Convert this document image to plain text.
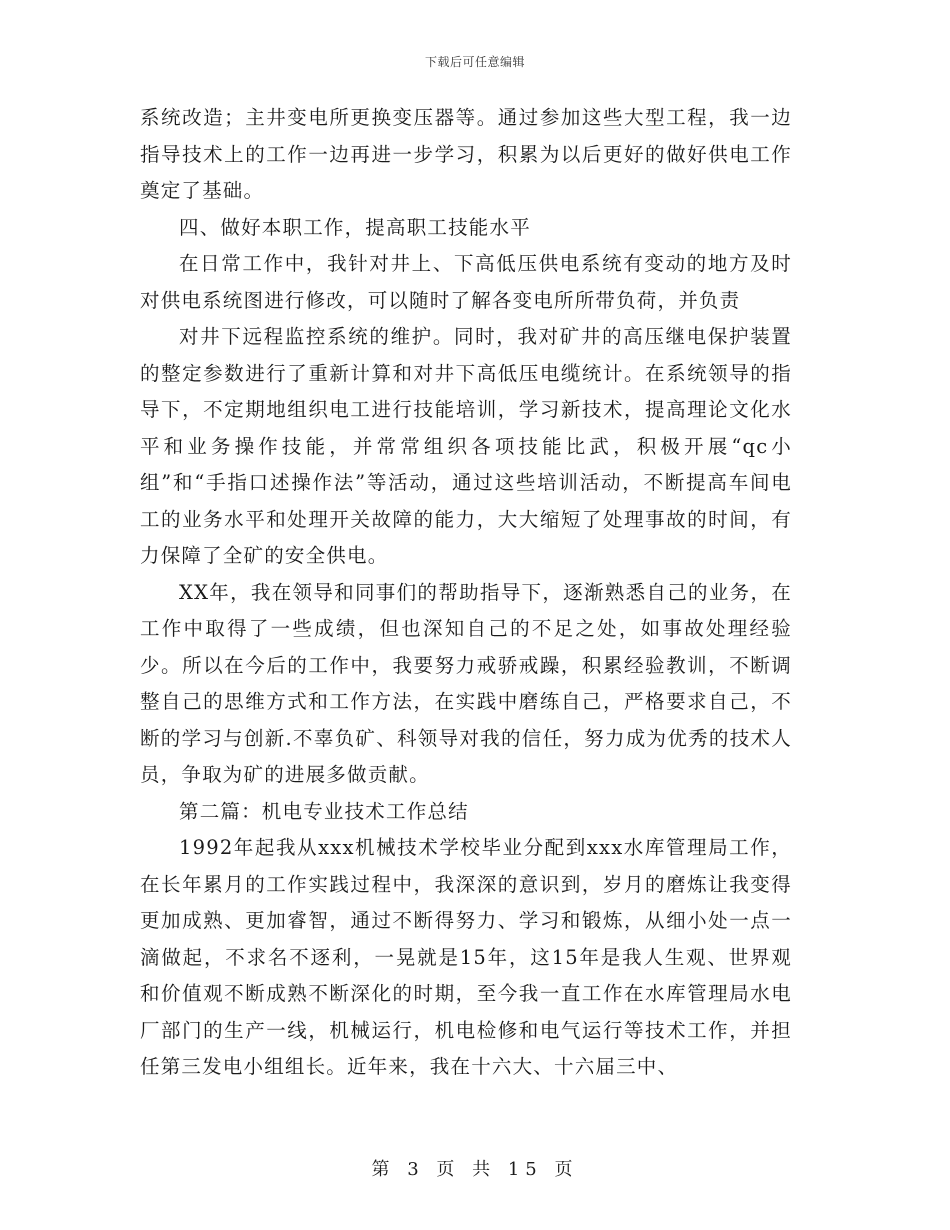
下载后可任意编辑

系统改造；主井变电所更换变压器等。通过参加这些大型工程，我一边指导技术上的工作一边再进一步学习，积累为以后更好的做好供电工作奠定了基础。

四、做好本职工作，提高职工技能水平

在日常工作中，我针对井上、下高低压供电系统有变动的地方及时对供电系统图进行修改，可以随时了解各变电所所带负荷，并负责

对井下远程监控系统的维护。同时，我对矿井的高压继电保护装置的整定参数进行了重新计算和对井下高低压电缆统计。在系统领导的指导下，不定期地组织电工进行技能培训，学习新技术，提高理论文化水平和业务操作技能，并常常组织各项技能比武，积极开展“qc小组”和“手指口述操作法”等活动，通过这些培训活动，不断提高车间电工的业务水平和处理开关故障的能力，大大缩短了处理事故的时间，有力保障了全矿的安全供电。

XX年，我在领导和同事们的帮助指导下，逐渐熟悉自己的业务，在工作中取得了一些成绩，但也深知自己的不足之处，如事故处理经验少。所以在今后的工作中，我要努力戒骄戒躁，积累经验教训，不断调整自己的思维方式和工作方法，在实践中磨练自己，严格要求自己，不断的学习与创新.不辜负矿、科领导对我的信任，努力成为优秀的技术人员，争取为矿的进展多做贡献。

第二篇：机电专业技术工作总结

1992年起我从xxx机械技术学校毕业分配到xxx水库管理局工作，在长年累月的工作实践过程中，我深深的意识到，岁月的磨炼让我变得更加成熟、更加睿智，通过不断得努力、学习和锻炼，从细小处一点一滴做起，不求名不逐利，一晃就是15年，这15年是我人生观、世界观和价值观不断成熟不断深化的时期，至今我一直工作在水库管理局水电厂部门的生产一线，机械运行，机电检修和电气运行等技术工作，并担任第三发电小组组长。近年来，我在十六大、十六届三中、

第 3 页 共 15 页
